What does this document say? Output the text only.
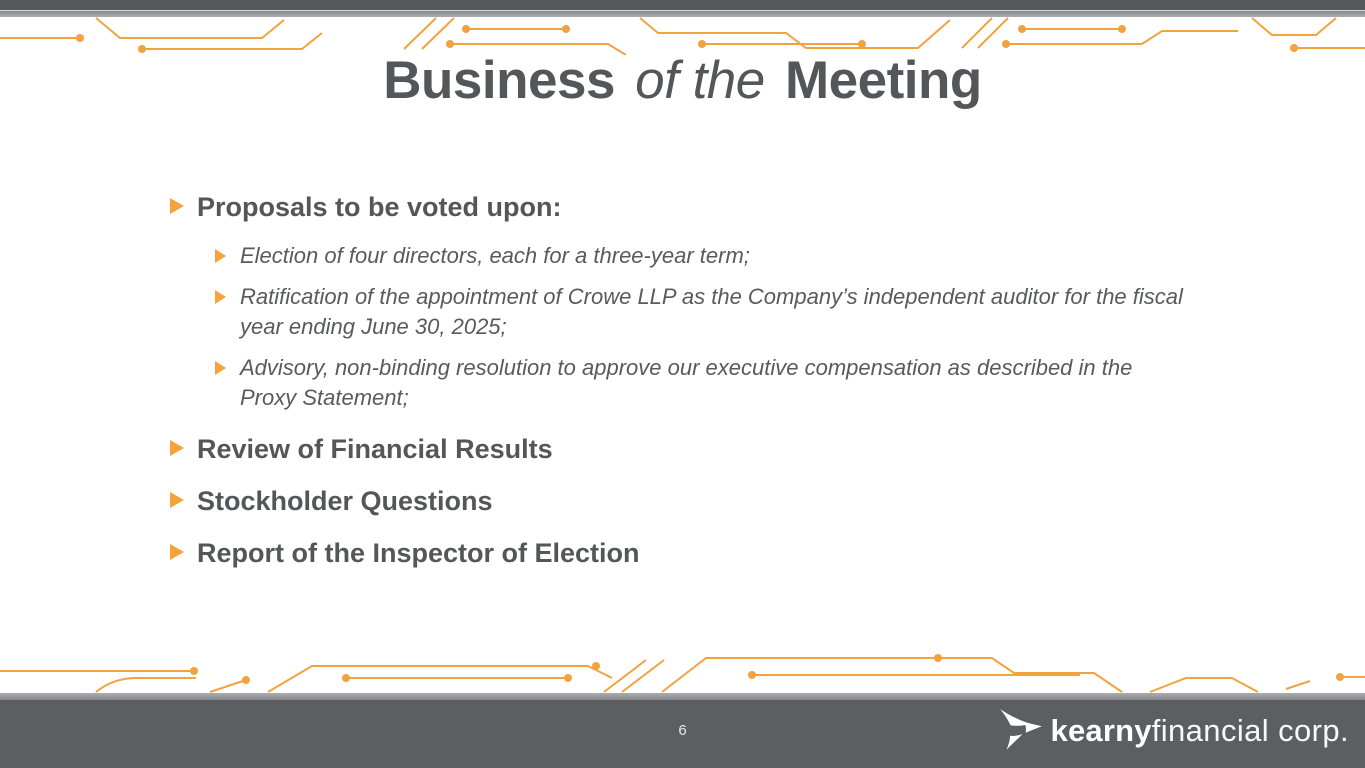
Business of the Meeting
Proposals to be voted upon:
Election of four directors, each for a three-year term;
Ratification of the appointment of Crowe LLP as the Company’s independent auditor for the fiscal year ending June 30, 2025;
Advisory, non-binding resolution to approve our executive compensation as described in the Proxy Statement;
Review of Financial Results
Stockholder Questions
Report of the Inspector of Election
6	kearnyfinancial corp.
